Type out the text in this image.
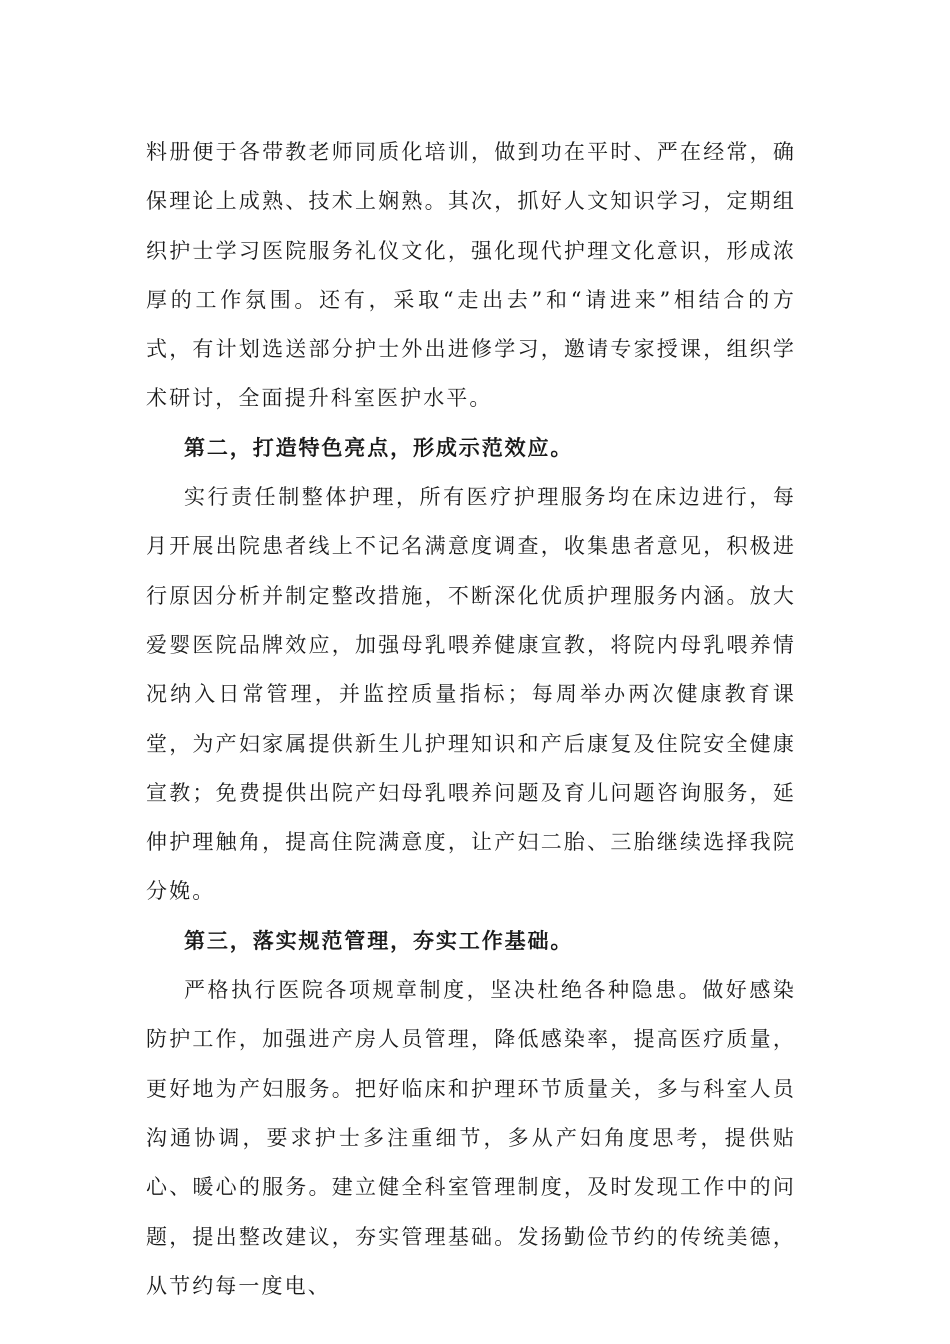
料册便于各带教老师同质化培训，做到功在平时、严在经常，确保理论上成熟、技术上娴熟。其次，抓好人文知识学习，定期组织护士学习医院服务礼仪文化，强化现代护理文化意识，形成浓厚的工作氛围。还有，采取“走出去”和“请进来”相结合的方式，有计划选送部分护士外出进修学习，邀请专家授课，组织学术研讨，全面提升科室医护水平。

第二，打造特色亮点，形成示范效应。

实行责任制整体护理，所有医疗护理服务均在床边进行，每月开展出院患者线上不记名满意度调查，收集患者意见，积极进行原因分析并制定整改措施，不断深化优质护理服务内涵。放大爱婴医院品牌效应，加强母乳喂养健康宣教，将院内母乳喂养情况纳入日常管理，并监控质量指标；每周举办两次健康教育课堂，为产妇家属提供新生儿护理知识和产后康复及住院安全健康宣教；免费提供出院产妇母乳喂养问题及育儿问题咨询服务，延伸护理触角，提高住院满意度，让产妇二胎、三胎继续选择我院分娩。

第三，落实规范管理，夯实工作基础。

严格执行医院各项规章制度，坚决杜绝各种隐患。做好感染防护工作，加强进产房人员管理，降低感染率，提高医疗质量，更好地为产妇服务。把好临床和护理环节质量关，多与科室人员沟通协调，要求护士多注重细节，多从产妇角度思考，提供贴心、暖心的服务。建立健全科室管理制度，及时发现工作中的问题，提出整改建议，夯实管理基础。发扬勤俭节约的传统美德，从节约每一度电、
